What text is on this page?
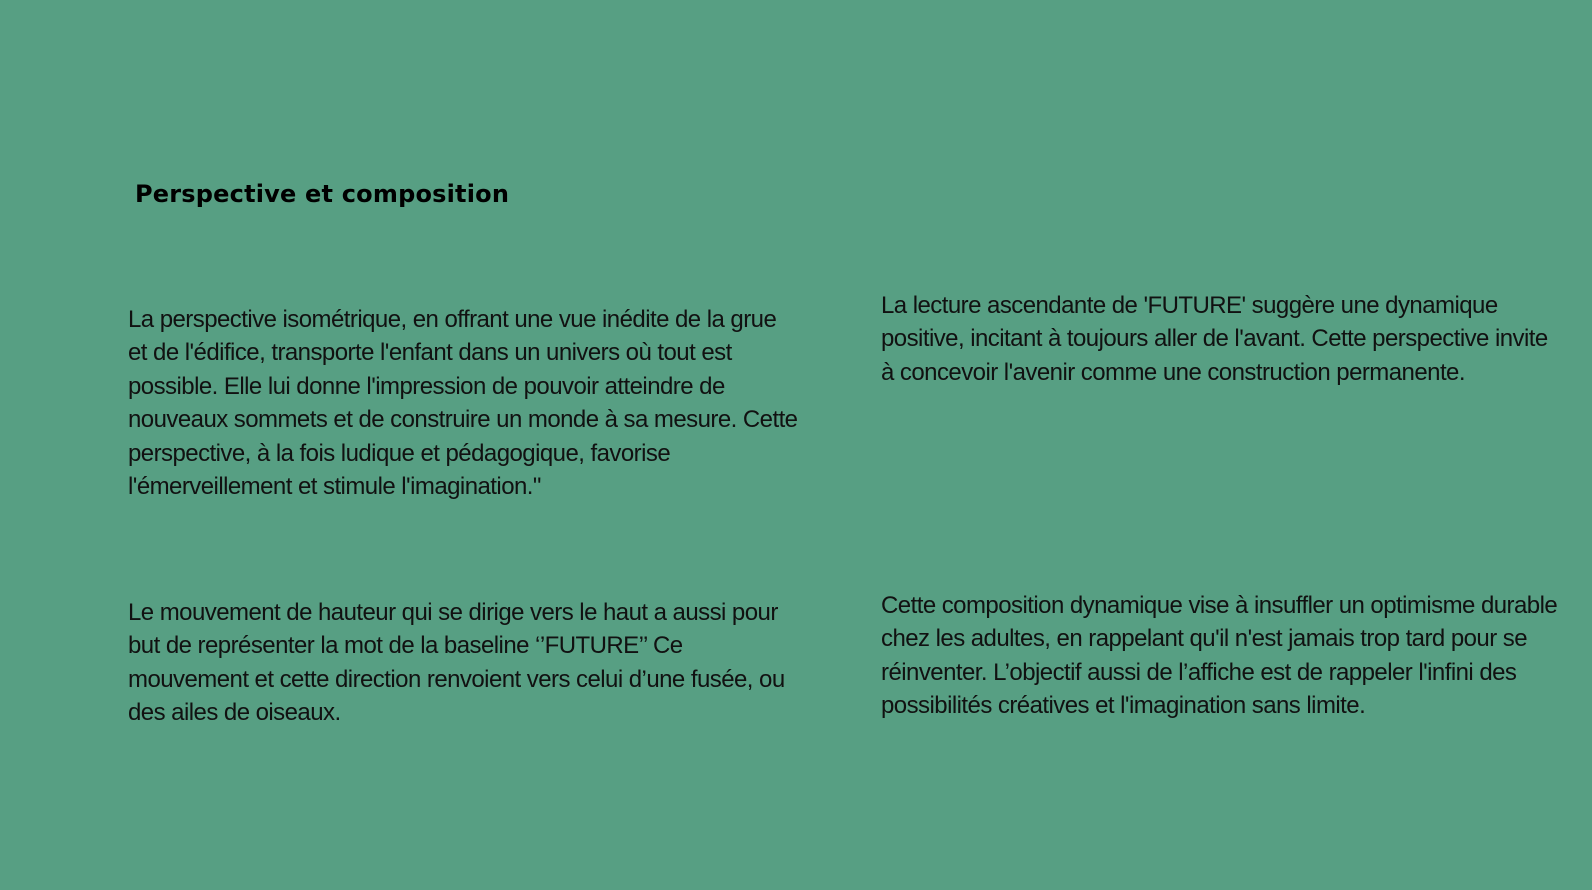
Perspective et composition

La perspective isométrique, en offrant une vue inédite de la grue et de l'édifice, transporte l'enfant dans un univers où tout est possible. Elle lui donne l'impression de pouvoir atteindre de nouveaux sommets et de construire un monde à sa mesure. Cette perspective, à la fois ludique et pédagogique, favorise l'émerveillement et stimule l'imagination."

Le mouvement de hauteur qui se dirige vers le haut a aussi pour but de représenter la mot de la baseline ‘’FUTURE’’ Ce mouvement et cette direction renvoient vers celui d’une fusée, ou des ailes de oiseaux.

La lecture ascendante de 'FUTURE' suggère une dynamique positive, incitant à toujours aller de l'avant. Cette perspective invite à concevoir l'avenir comme une construction permanente.

Cette composition dynamique vise à insuffler un optimisme durable chez les adultes, en rappelant qu'il n'est jamais trop tard pour se réinventer. L’objectif aussi de l’affiche est de rappeler l'infini des possibilités créatives et l'imagination sans limite.
